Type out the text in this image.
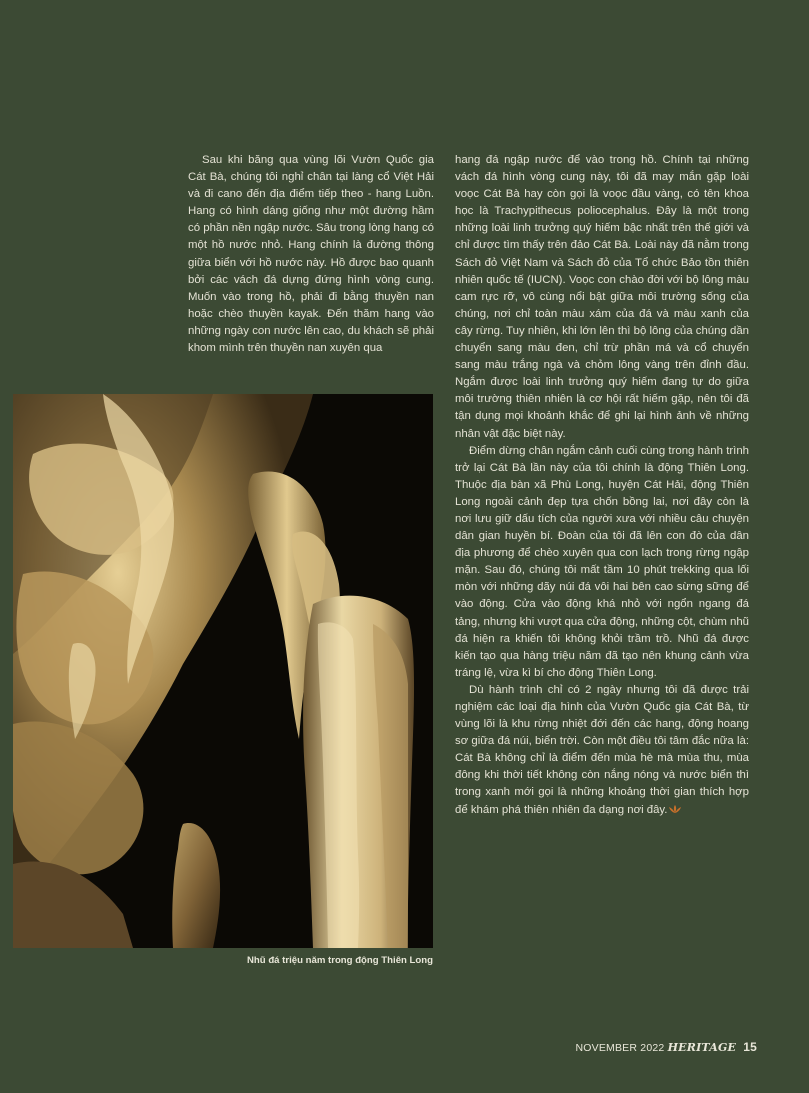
Sau khi băng qua vùng lõi Vườn Quốc gia Cát Bà, chúng tôi nghỉ chân tại làng cổ Việt Hải và đi cano đến địa điểm tiếp theo - hang Luồn. Hang có hình dáng giống như một đường hầm có phần nền ngập nước. Sâu trong lòng hang có một hồ nước nhỏ. Hang chính là đường thông giữa biển với hồ nước này. Hồ được bao quanh bởi các vách đá dựng đứng hình vòng cung. Muốn vào trong hồ, phải đi bằng thuyền nan hoặc chèo thuyền kayak. Đến thăm hang vào những ngày con nước lên cao, du khách sẽ phải khom mình trên thuyền nan xuyên qua

hang đá ngập nước để vào trong hồ. Chính tại những vách đá hình vòng cung này, tôi đã may mắn gặp loài voọc Cát Bà hay còn gọi là voọc đầu vàng, có tên khoa học là Trachypithecus poliocephalus. Đây là một trong những loài linh trưởng quý hiếm bậc nhất trên thế giới và chỉ được tìm thấy trên đảo Cát Bà. Loài này đã nằm trong Sách đỏ Việt Nam và Sách đỏ của Tổ chức Bảo tồn thiên nhiên quốc tế (IUCN). Voọc con chào đời với bộ lông màu cam rực rỡ, vô cùng nổi bật giữa môi trường sống của chúng, nơi chỉ toàn màu xám của đá và màu xanh của cây rừng. Tuy nhiên, khi lớn lên thì bộ lông của chúng dần chuyển sang màu đen, chỉ trừ phần má và cổ chuyển sang màu trắng ngà và chỏm lông vàng trên đỉnh đầu. Ngắm được loài linh trưởng quý hiếm đang tự do giữa môi trường thiên nhiên là cơ hội rất hiếm gặp, nên tôi đã tận dụng mọi khoảnh khắc để ghi lại hình ảnh về những nhân vật đặc biệt này.

Điểm dừng chân ngắm cảnh cuối cùng trong hành trình trở lại Cát Bà lần này của tôi chính là động Thiên Long. Thuộc địa bàn xã Phù Long, huyện Cát Hải, động Thiên Long ngoài cảnh đẹp tựa chốn bồng lai, nơi đây còn là nơi lưu giữ dấu tích của người xưa với nhiều câu chuyện dân gian huyền bí. Đoàn của tôi đã lên con đò của dân địa phương để chèo xuyên qua con lạch trong rừng ngập mặn. Sau đó, chúng tôi mất tầm 10 phút trekking qua lối mòn với những dãy núi đá vôi hai bên cao sừng sững để vào động. Cửa vào động khá nhỏ với ngổn ngang đá tảng, nhưng khi vượt qua cửa động, những cột, chùm nhũ đá hiện ra khiến tôi không khỏi trầm trồ. Nhũ đá được kiến tạo qua hàng triệu năm đã tạo nên khung cảnh vừa tráng lệ, vừa kì bí cho động Thiên Long.

Dù hành trình chỉ có 2 ngày nhưng tôi đã được trải nghiệm các loại địa hình của Vườn Quốc gia Cát Bà, từ vùng lõi là khu rừng nhiệt đới đến các hang, động hoang sơ giữa đá núi, biển trời. Còn một điều tôi tâm đắc nữa là: Cát Bà không chỉ là điểm đến mùa hè mà mùa thu, mùa đông khi thời tiết không còn nắng nóng và nước biển thì trong xanh mới gọi là những khoảng thời gian thích hợp để khám phá thiên nhiên đa dạng nơi đây.

Nhũ đá triệu năm trong động Thiên Long
NOVEMBER 2022 HERITAGE 15
